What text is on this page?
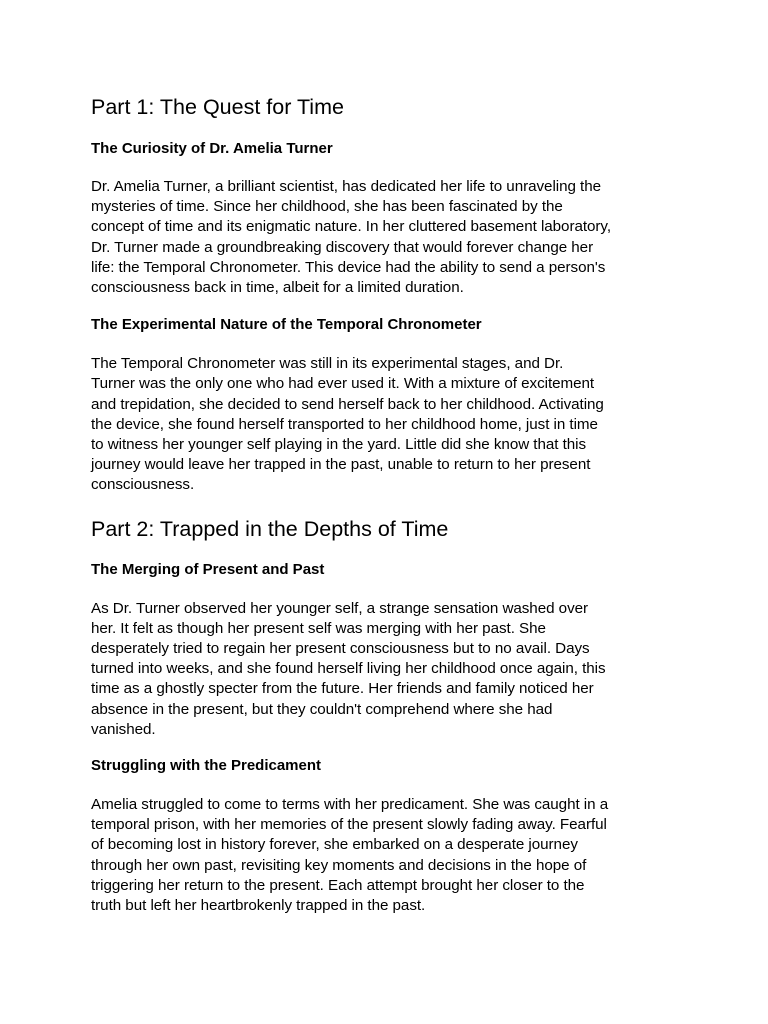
Part 1: The Quest for Time
The Curiosity of Dr. Amelia Turner

Dr. Amelia Turner, a brilliant scientist, has dedicated her life to unraveling the
mysteries of time. Since her childhood, she has been fascinated by the
concept of time and its enigmatic nature. In her cluttered basement laboratory,
Dr. Turner made a groundbreaking discovery that would forever change her
life: the Temporal Chronometer. This device had the ability to send a person's
consciousness back in time, albeit for a limited duration.

The Experimental Nature of the Temporal Chronometer

The Temporal Chronometer was still in its experimental stages, and Dr.
Turner was the only one who had ever used it. With a mixture of excitement
and trepidation, she decided to send herself back to her childhood. Activating
the device, she found herself transported to her childhood home, just in time
to witness her younger self playing in the yard. Little did she know that this
journey would leave her trapped in the past, unable to return to her present
consciousness.

Part 2: Trapped in the Depths of Time
The Merging of Present and Past

As Dr. Turner observed her younger self, a strange sensation washed over
her. It felt as though her present self was merging with her past. She
desperately tried to regain her present consciousness but to no avail. Days
turned into weeks, and she found herself living her childhood once again, this
time as a ghostly specter from the future. Her friends and family noticed her
absence in the present, but they couldn't comprehend where she had
vanished.

Struggling with the Predicament

Amelia struggled to come to terms with her predicament. She was caught in a
temporal prison, with her memories of the present slowly fading away. Fearful
of becoming lost in history forever, she embarked on a desperate journey
through her own past, revisiting key moments and decisions in the hope of
triggering her return to the present. Each attempt brought her closer to the
truth but left her heartbrokenly trapped in the past.
